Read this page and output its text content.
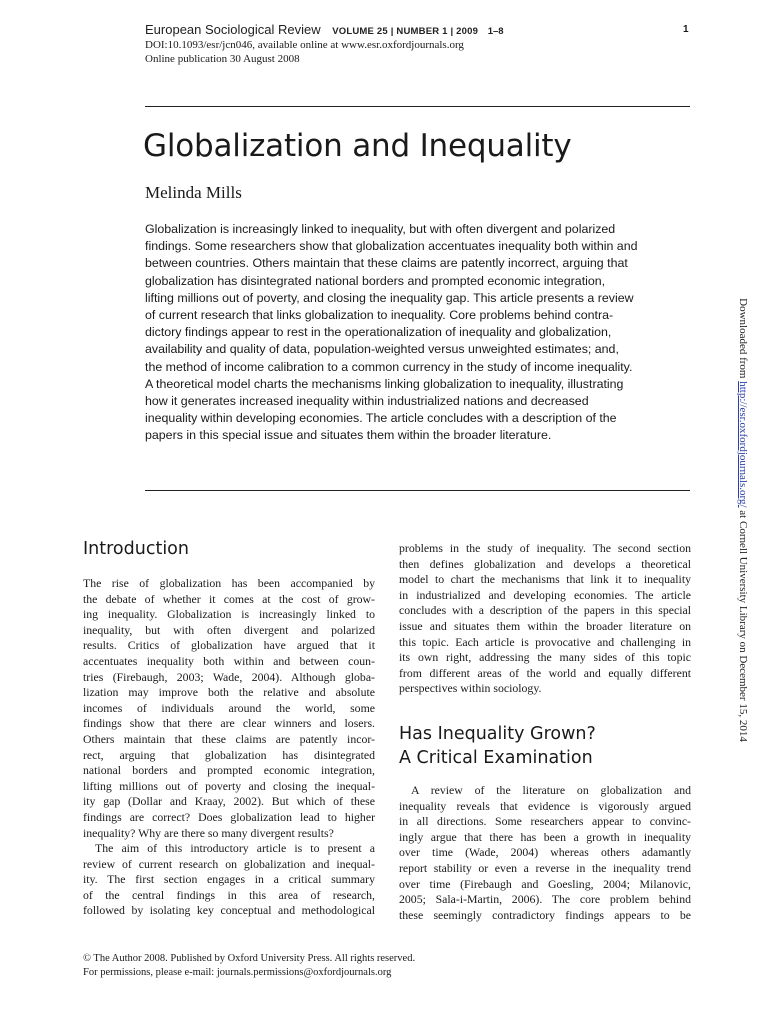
European Sociological Review VOLUME 25 | NUMBER 1 | 2009 1–8	1
DOI:10.1093/esr/jcn046, available online at www.esr.oxfordjournals.org
Online publication 30 August 2008
Globalization and Inequality
Melinda Mills
Globalization is increasingly linked to inequality, but with often divergent and polarized
findings. Some researchers show that globalization accentuates inequality both within and
between countries. Others maintain that these claims are patently incorrect, arguing that
globalization has disintegrated national borders and prompted economic integration,
lifting millions out of poverty, and closing the inequality gap. This article presents a review
of current research that links globalization to inequality. Core problems behind contra-
dictory findings appear to rest in the operationalization of inequality and globalization,
availability and quality of data, population-weighted versus unweighted estimates; and,
the method of income calibration to a common currency in the study of income inequality.
A theoretical model charts the mechanisms linking globalization to inequality, illustrating
how it generates increased inequality within industrialized nations and decreased
inequality within developing economies. The article concludes with a description of the
papers in this special issue and situates them within the broader literature.
Introduction
The rise of globalization has been accompanied by
the debate of whether it comes at the cost of grow-
ing inequality. Globalization is increasingly linked to
inequality, but with often divergent and polarized
results. Critics of globalization have argued that it
accentuates inequality both within and between coun-
tries (Firebaugh, 2003; Wade, 2004). Although globa-
lization may improve both the relative and absolute
incomes of individuals around the world, some
findings show that there are clear winners and losers.
Others maintain that these claims are patently incor-
rect, arguing that globalization has disintegrated
national borders and prompted economic integration,
lifting millions out of poverty and closing the inequal-
ity gap (Dollar and Kraay, 2002). But which of these
findings are correct? Does globalization lead to higher
inequality? Why are there so many divergent results?
The aim of this introductory article is to present a
review of current research on globalization and inequal-
ity. The first section engages in a critical summary
of the central findings in this area of research,
followed by isolating key conceptual and methodological
problems in the study of inequality. The second section
then defines globalization and develops a theoretical
model to chart the mechanisms that link it to inequality
in industrialized and developing economies. The article
concludes with a description of the papers in this special
issue and situates them within the broader literature on
this topic. Each article is provocative and challenging in
its own right, addressing the many sides of this topic
from different areas of the world and equally different
perspectives within sociology.
Has Inequality Grown?
A Critical Examination
A review of the literature on globalization and
inequality reveals that evidence is vigorously argued
in all directions. Some researchers appear to convinc-
ingly argue that there has been a growth in inequality
over time (Wade, 2004) whereas others adamantly
report stability or even a reverse in the inequality trend
over time (Firebaugh and Goesling, 2004; Milanovic,
2005; Sala-i-Martin, 2006). The core problem behind
these seemingly contradictory findings appears to be
© The Author 2008. Published by Oxford University Press. All rights reserved.
For permissions, please e-mail: journals.permissions@oxfordjournals.org
Downloaded from http://esr.oxfordjournals.org/ at Cornell University Library on December 15, 2014
